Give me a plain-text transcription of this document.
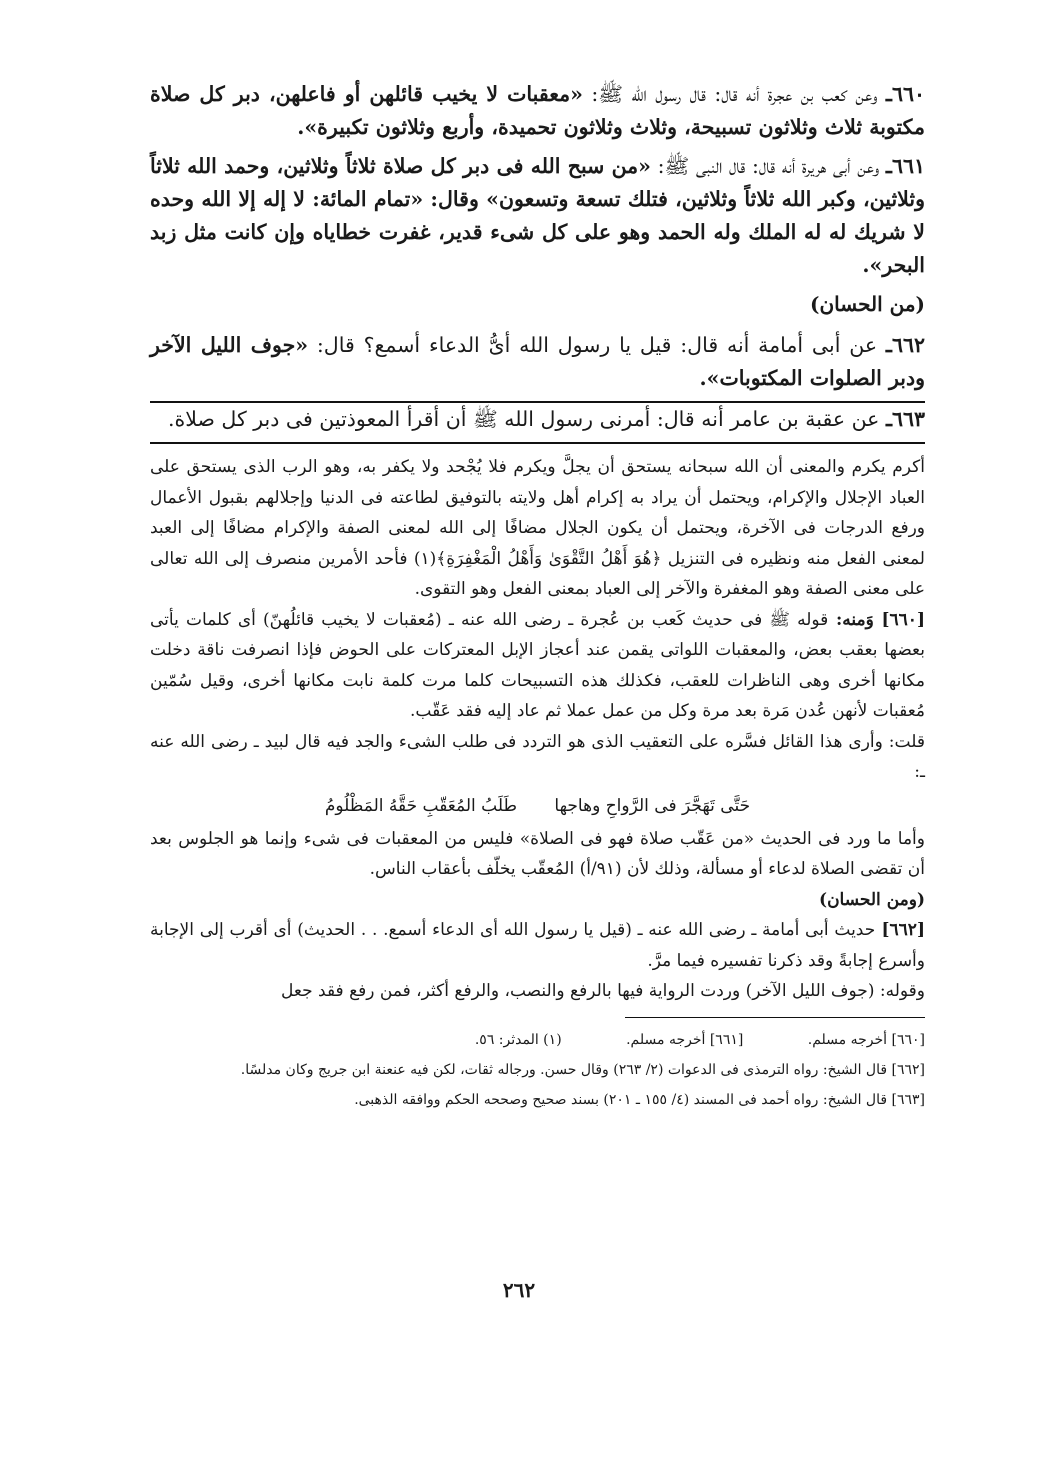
٦٦٠ـ وعن كعب بن عجرة أنه قال: قال رسول الله ﷺ: «معقبات لا يخيب قائلهن أو فاعلهن، دبر كل صلاة مكتوبة ثلاث وثلاثون تسبيحة، وثلاث وثلاثون تحميدة، وأربع وثلاثون تكبيرة».

٦٦١ـ وعن أبى هريرة أنه قال: قال النبى ﷺ: «من سبح الله فى دبر كل صلاة ثلاثاً وثلاثين، وحمد الله ثلاثاً وثلاثين، وكبر الله ثلاثاً وثلاثين، فتلك تسعة وتسعون» وقال: «تمام المائة: لا إله إلا الله وحده لا شريك له له الملك وله الحمد وهو على كل شىء قدير، غفرت خطاياه وإن كانت مثل زبد البحر».

(من الحسان)

٦٦٢ـ عن أبى أمامة أنه قال: قيل يا رسول الله أىُّ الدعاء أسمع؟ قال: «جوف الليل الآخر ودبر الصلوات المكتوبات».

٦٦٣ـ عن عقبة بن عامر أنه قال: أمرنى رسول الله ﷺ أن أقرأ المعوذتين فى دبر كل صلاة.

أكرم يكرم والمعنى أن الله سبحانه يستحق أن يجلَّ ويكرم فلا يُجْحد ولا يكفر به، وهو الرب الذى يستحق على العباد الإجلال والإكرام، ويحتمل أن يراد به إكرام أهل ولايته بالتوفيق لطاعته فى الدنيا وإجلالهم بقبول الأعمال ورفع الدرجات فى الآخرة، ويحتمل أن يكون الجلال مضافًا إلى الله لمعنى الصفة والإكرام مضافًا إلى العبد لمعنى الفعل منه ونظيره فى التنزيل ﴿هُوَ أَهْلُ التَّقْوَىٰ وَأَهْلُ الْمَغْفِرَةِ﴾(١) فأحد الأمرين منصرف إلى الله تعالى على معنى الصفة وهو المغفرة والآخر إلى العباد بمعنى الفعل وهو التقوى.

[٦٦٠] وَمنه: قوله ﷺ فى حديث كَعب بن عُجرة ـ رضى الله عنه ـ (مُعقبات لا يخيب قائلُهنّ) أى كلمات يأتى بعضها بعقب بعض، والمعقبات اللواتى يقمن عند أعجاز الإبل المعتركات على الحوض فإذا انصرفت ناقة دخلت مكانها أخرى وهى الناظرات للعقب، فكذلك هذه التسبيحات كلما مرت كلمة نابت مكانها أخرى، وقيل سُمّين مُعقبات لأنهن عُدن مَرة بعد مرة وكل من عمل عملا ثم عاد إليه فقد عَقّب.

قلت: وأرى هذا القائل فسَّره على التعقيب الذى هو التردد فى طلب الشىء والجد فيه قال لبيد ـ رضى الله عنه ـ:

حَتَّى تَهَجَّرَ فى الرَّواحِ وهاجها طَلَبُ المُعَقّبِ حَقَّهُ المَظْلُومُ

وأما ما ورد فى الحديث «من عَقّب صلاة فهو فى الصلاة» فليس من المعقبات فى شىء وإنما هو الجلوس بعد أن تقضى الصلاة لدعاء أو مسألة، وذلك لأن (٩١/أ) المُعقّب يخلّف بأعقاب الناس.

(ومن الحسان)

[٦٦٢] حديث أبى أمامة ـ رضى الله عنه ـ (قيل يا رسول الله أى الدعاء أسمع. . . الحديث) أى أقرب إلى الإجابة وأسرع إجابةً وقد ذكرنا تفسيره فيما مرَّ.

وقوله: (جوف الليل الآخر) وردت الرواية فيها بالرفع والنصب، والرفع أكثر، فمن رفع فقد جعل

[٦٦٠] أخرجه مسلم. [٦٦١] أخرجه مسلم. (١) المدثر: ٥٦.

[٦٦٢] قال الشيخ: رواه الترمذى فى الدعوات (٢/ ٢٦٣) وقال حسن. ورجاله ثقات، لكن فيه عنعنة ابن جريج وكان مدلسًا.

[٦٦٣] قال الشيخ: رواه أحمد فى المسند (٤/ ١٥٥ ـ ٢٠١) بسند صحيح وصححه الحكم ووافقه الذهبى.

٢٦٢
